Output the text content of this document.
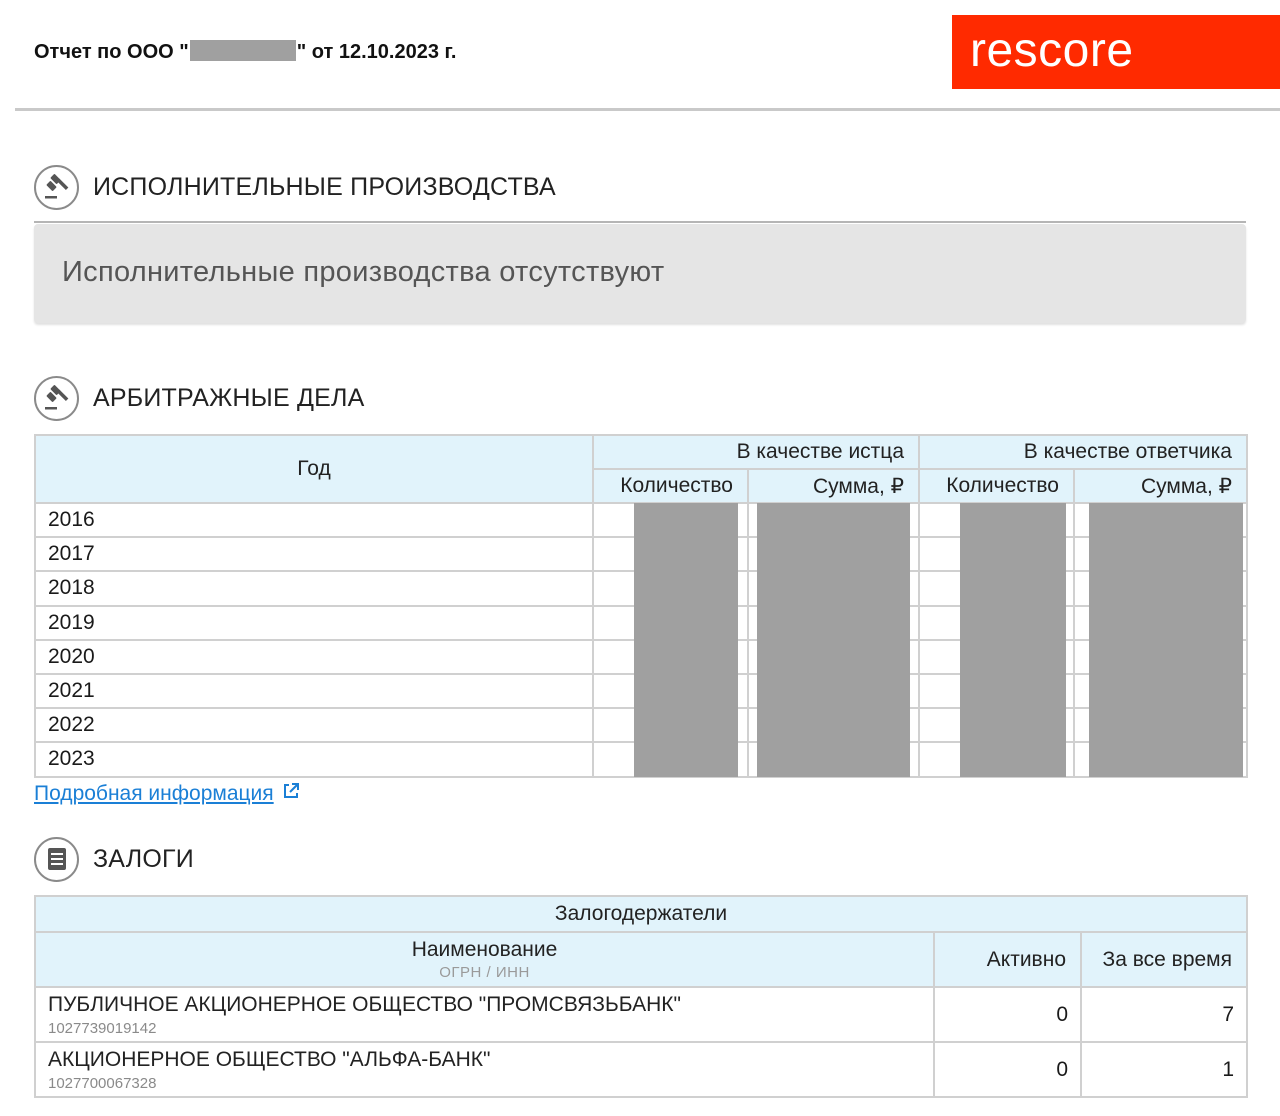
Отчет по ООО "	" от 12.10.2023 г.	rescore
ИСПОЛНИТЕЛЬНЫЕ ПРОИЗВОДСТВА
Исполнительные производства отсутствуют
АРБИТРАЖНЫЕ ДЕЛА
Год	В качестве истца		В качестве ответчика	
	Количество	Сумма, ₽	Количество	Сумма, ₽
2016	

2017	

2018	

2019	

2020	

2021	

2022	

2023	

Подробная информация
ЗАЛОГИ
Залогодержатели		
Наименование
ОГРН / ИНН	Активно	За все время

ПУБЛИЧНОЕ АКЦИОНЕРНОЕ ОБЩЕСТВО "ПРОМСВЯЗЬБАНК"
1027739019142	0	7

АКЦИОНЕРНОЕ ОБЩЕСТВО "АЛЬФА-БАНК"
1027700067328	0	1
